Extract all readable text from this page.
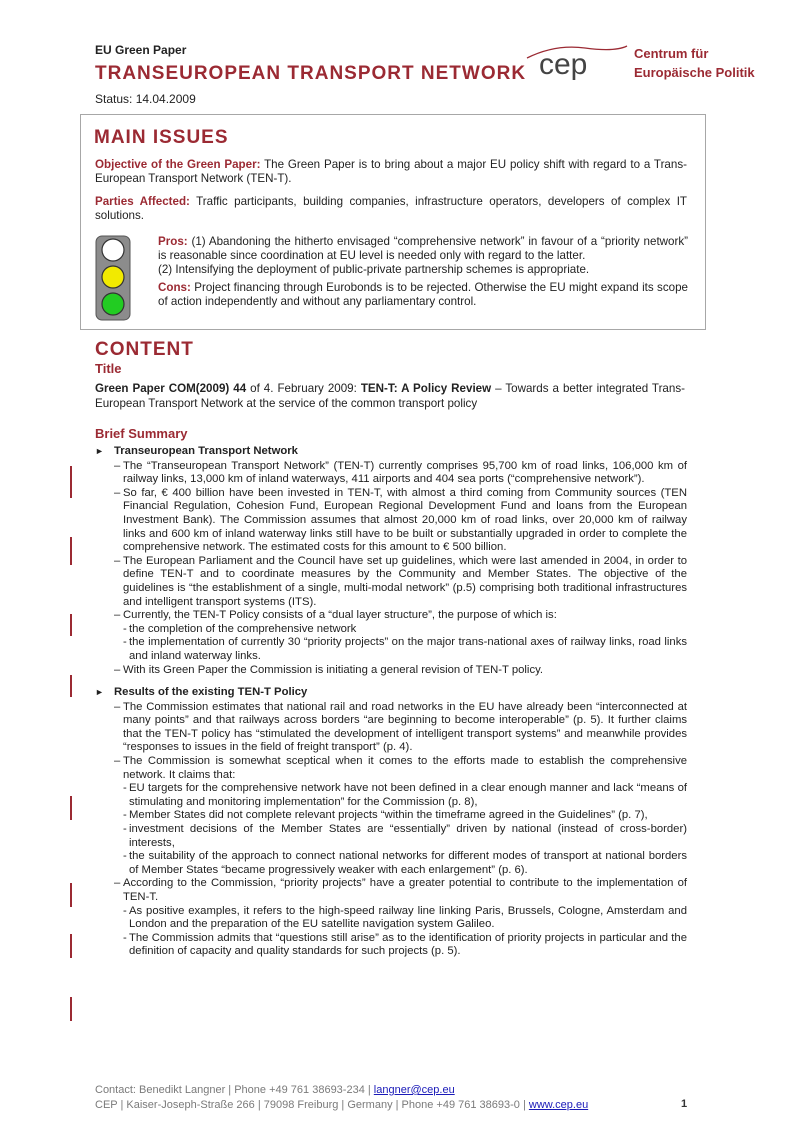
EU Green Paper
TRANSEUROPEAN TRANSPORT NETWORK
Status: 14.04.2009
cep	Centrum für
Europäische Politik
MAIN ISSUES
Objective of the Green Paper: The Green Paper is to bring about a major EU policy shift with regard to a Trans-European Transport Network (TEN-T).
Parties Affected: Traffic participants, building companies, infrastructure operators, developers of complex IT solutions.
Pros: (1) Abandoning the hitherto envisaged “comprehensive network” in favour of a “priority network” is reasonable since coordination at EU level is needed only with regard to the latter.
(2) Intensifying the deployment of public-private partnership schemes is appropriate.
Cons: Project financing through Eurobonds is to be rejected. Otherwise the EU might expand its scope of action independently and without any parliamentary control.
CONTENT
Title
Green Paper COM(2009) 44 of 4. February 2009: TEN-T: A Policy Review – Towards a better integrated Trans-European Transport Network at the service of the common transport policy
Brief Summary
► Transeuropean Transport Network
– The “Transeuropean Transport Network” (TEN-T) currently comprises 95,700 km of road links, 106,000 km of railway links, 13,000 km of inland waterways, 411 airports and 404 sea ports (“comprehensive network”).
– So far, € 400 billion have been invested in TEN-T, with almost a third coming from Community sources (TEN Financial Regulation, Cohesion Fund, European Regional Development Fund and loans from the European Investment Bank). The Commission assumes that almost 20,000 km of road links, over 20,000 km of railway links and 600 km of inland waterway links still have to be built or substantially upgraded in order to complete the comprehensive network. The estimated costs for this amount to € 500 billion.
– The European Parliament and the Council have set up guidelines, which were last amended in 2004, in order to define TEN-T and to coordinate measures by the Community and Member States. The objective of the guidelines is “the establishment of a single, multi-modal network” (p.5) comprising both traditional infrastructures and intelligent transport systems (ITS).
– Currently, the TEN-T Policy consists of a “dual layer structure”, the purpose of which is:
- the completion of the comprehensive network
- the implementation of currently 30 “priority projects” on the major trans-national axes of railway links, road links and inland waterway links.
– With its Green Paper the Commission is initiating a general revision of TEN-T policy.
► Results of the existing TEN-T Policy
– The Commission estimates that national rail and road networks in the EU have already been “interconnected at many points” and that railways across borders “are beginning to become interoperable” (p. 5). It further claims that the TEN-T policy has “stimulated the development of intelligent transport systems” and meanwhile provides “responses to issues in the field of freight transport” (p. 4).
– The Commission is somewhat sceptical when it comes to the efforts made to establish the comprehensive network. It claims that:
- EU targets for the comprehensive network have not been defined in a clear enough manner and lack “means of stimulating and monitoring implementation” for the Commission (p. 8),
- Member States did not complete relevant projects “within the timeframe agreed in the Guidelines” (p. 7),
- investment decisions of the Member States are “essentially” driven by national (instead of cross-border) interests,
- the suitability of the approach to connect national networks for different modes of transport at national borders of Member States “became progressively weaker with each enlargement” (p. 6).
– According to the Commission, “priority projects” have a greater potential to contribute to the implementation of TEN-T.
- As positive examples, it refers to the high-speed railway line linking Paris, Brussels, Cologne, Amsterdam and London and the preparation of the EU satellite navigation system Galileo.
- The Commission admits that “questions still arise” as to the identification of priority projects in particular and the definition of capacity and quality standards for such projects (p. 5).
Contact: Benedikt Langner | Phone +49 761 38693-234 | langner@cep.eu
CEP | Kaiser-Joseph-Straße 266 | 79098 Freiburg | Germany | Phone +49 761 38693-0 | www.cep.eu	1
